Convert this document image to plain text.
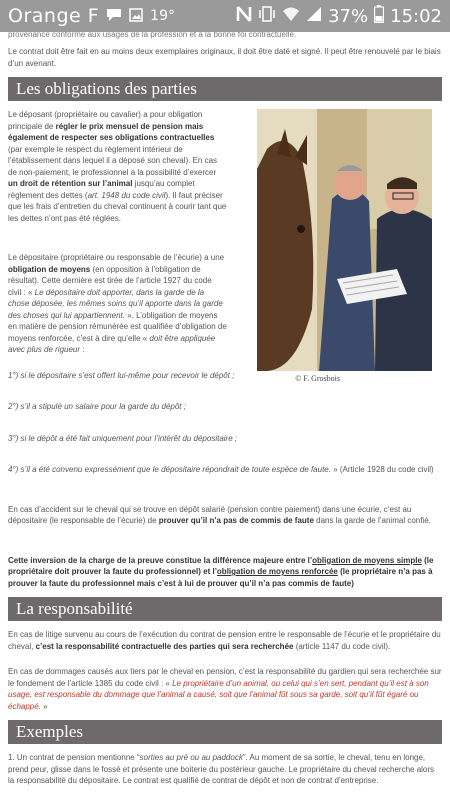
Orange F	19°	37% 15:02
provenance conforme aux usages de la profession et à la bonne foi contractuelle.

Le contrat doit être fait en au moins deux exemplaires originaux, il doit être daté et signé. Il peut être renouvelé par le biais d’un avenant.

Les obligations des parties
© F. Grosbois

Le déposant (propriétaire ou cavalier) a pour obligation principale de régler le prix mensuel de pension mais également de respecter ses obligations contractuelles (par exemple le respect du règlement intérieur de l’établissement dans lequel il a déposé son cheval). En cas de non-paiement, le professionnel a la possibilité d’exercer un droit de rétention sur l’animal jusqu’au complet règlement des dettes (art. 1948 du code civil). Il faut préciser que les frais d’entretien du cheval continuent à courir tant que les dettes n’ont pas été réglées.

Le dépositaire (propriétaire ou responsable de l’écurie) a une obligation de moyens (en opposition à l’obligation de résultat). Cette dernière est tirée de l’article 1927 du code civil : « Le dépositaire doit apporter, dans la garde de la chose déposée, les mêmes soins qu’il apporte dans la garde des choses qui lui appartiennent. ». L’obligation de moyens en matière de pension rémunérée est qualifiée d’obligation de moyens renforcée, c’est à dire qu’elle « doit être appliquée avec plus de rigueur :

1°) si le dépositaire s’est offert lui-même pour recevoir le dépôt ;

2°) s’il a stipulé un salaire pour la garde du dépôt ;

3°) si le dépôt a été fait uniquement pour l’intérêt du dépositaire ;

4°) s’il a été convenu expressément que le dépositaire répondrait de toute espèce de faute. » (Article 1928 du code civil)

En cas d’accident sur le cheval qui se trouve en dépôt salarié (pension contre paiement) dans une écurie, c’est au dépositaire (le responsable de l’écurie) de prouver qu’il n’a pas de commis de faute dans la garde de l’animal confié.

Cette inversion de la charge de la preuve constitue la différence majeure entre l’obligation de moyens simple (le propriétaire doit prouver la faute du professionnel) et l’obligation de moyens renforcée (le propriétaire n’a pas à prouver la faute du professionnel mais c’est à lui de prouver qu’il n’a pas commis de faute)

La responsabilité

En cas de litige survenu au cours de l’exécution du contrat de pension entre le responsable de l’écurie et le propriétaire du cheval, c’est la responsabilité contractuelle des parties qui sera recherchée (article 1147 du code civil).

En cas de dommages causés aux tiers par le cheval en pension, c’est la responsabilité du gardien qui sera recherchée sur le fondement de l’article 1385 du code civil : « Le propriétaire d’un animal, ou celui qui s’en sert, pendant qu’il est à son usage, est responsable du dommage que l’animal a causé, soit que l’animal fût sous sa garde, soit qu’il fût égaré ou échappé. »

Exemples

1. Un contrat de pension mentionne “sorties au pré ou au paddock”. Au moment de sa sortie, le cheval, tenu en longe, prend peur, glisse dans le fossé et présente une boiterie du postérieur gauche. Le propriétaire du cheval recherche alors la responsabilité du dépositaire. Le contrat est qualifié de contrat de dépôt et non de contrat d’entreprise.
